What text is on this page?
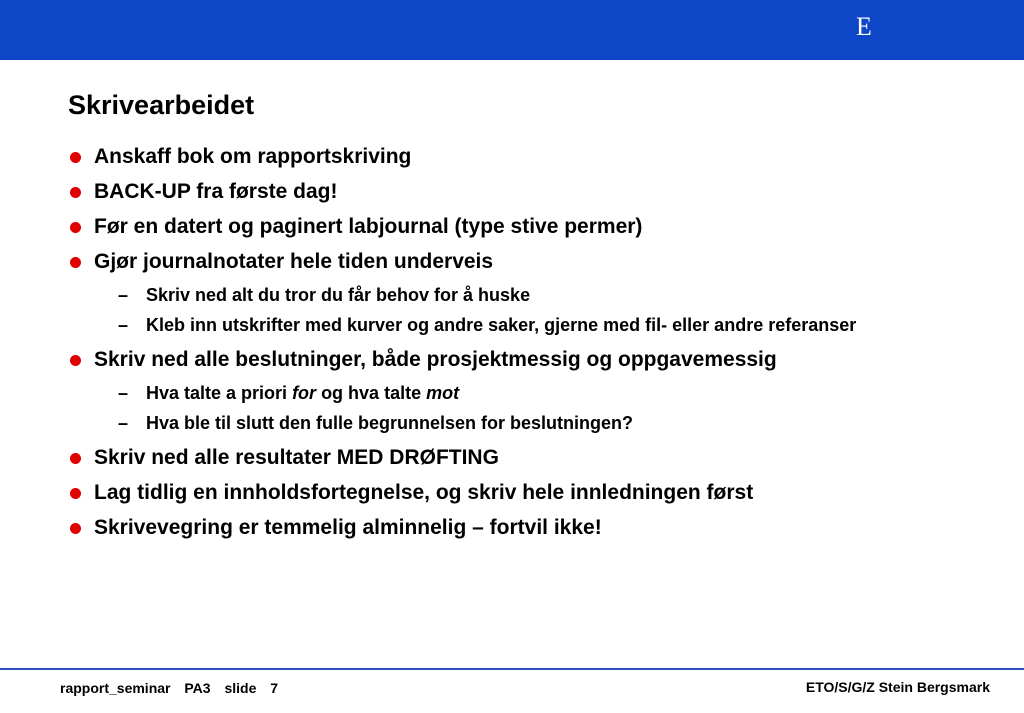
E
Skrivearbeidet
Anskaff bok om rapportskriving
BACK-UP fra første dag!
Før en datert og paginert labjournal (type stive permer)
Gjør journalnotater hele tiden underveis
– Skriv ned alt du tror du får behov for å huske
– Kleb inn utskrifter med kurver og andre saker, gjerne med fil- eller andre referanser
Skriv ned alle beslutninger, både prosjektmessig og oppgavemessig
– Hva talte a priori for og hva talte mot
– Hva ble til slutt den fulle begrunnelsen for beslutningen?
Skriv ned alle resultater MED DRØFTING
Lag tidlig en innholdsfortegnelse, og skriv hele innledningen først
Skrivevegring er temmelig alminnelig – fortvil ikke!
rapport_seminar PA3 slide 7	ETO/S/G/Z Stein Bergsmark
